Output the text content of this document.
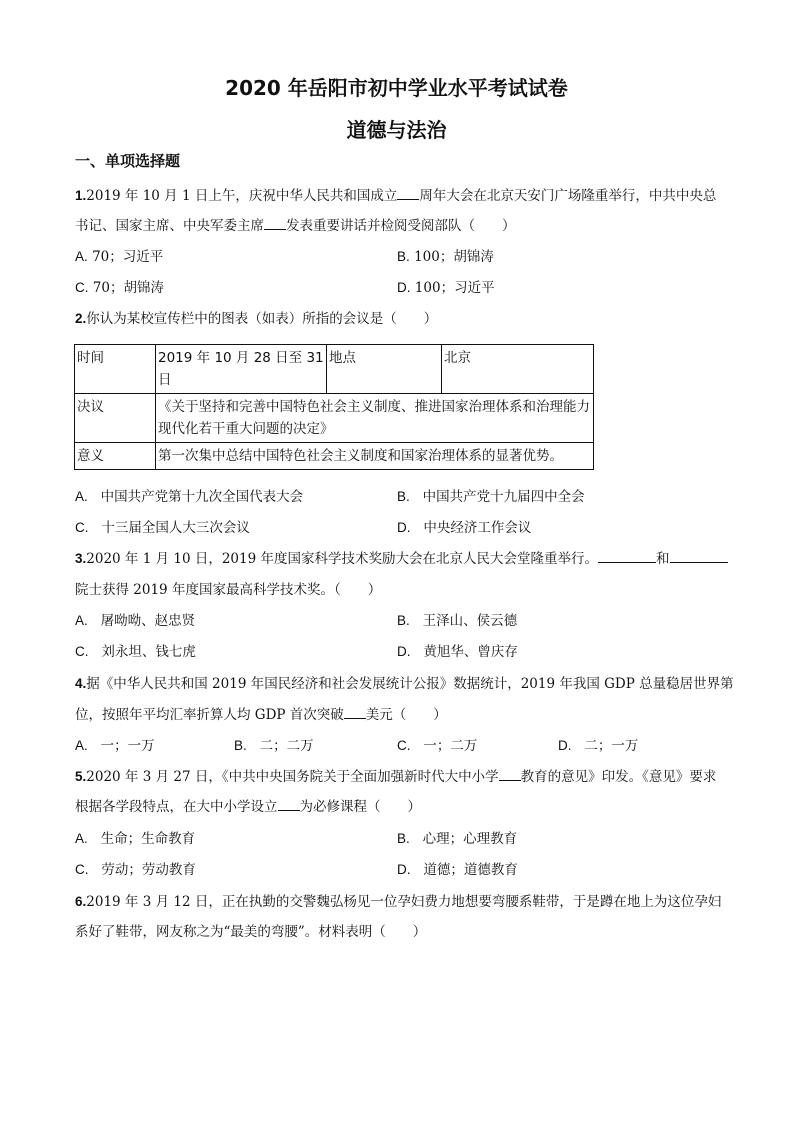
2020 年岳阳市初中学业水平考试试卷
道德与法治
一、单项选择题
1.2019 年 10 月 1 日上午，庆祝中华人民共和国成立 周年大会在北京天安门广场隆重举行，中共中央总
书记、国家主席、中央军委主席 发表重要讲话并检阅受阅部队（　　）
A. 70；习近平	B. 100；胡锦涛
C. 70；胡锦涛	D. 100；习近平
2.你认为某校宣传栏中的图表（如表）所指的会议是（　　）
时间	2019 年 10 月 28 日至 31 日	地点	北京
决议	《关于坚持和完善中国特色社会主义制度、推进国家治理体系和治理能力现代化若干重大问题的决定》		
意义	第一次集中总结中国特色社会主义制度和国家治理体系的显著优势。		
A. 中国共产党第十九次全国代表大会	B. 中国共产党十九届四中全会
C. 十三届全国人大三次会议	D. 中央经济工作会议
3.2020 年 1 月 10 日，2019 年度国家科学技术奖励大会在北京人民大会堂隆重举行。	和
院士获得 2019 年度国家最高科学技术奖。（　　）
A. 屠呦呦、赵忠贤	B. 王泽山、侯云德
C. 刘永坦、钱七虎	D. 黄旭华、曾庆存
4.据《中华人民共和国 2019 年国民经济和社会发展统计公报》数据统计，2019 年我国 GDP 总量稳居世界第
位，按照年平均汇率折算人均 GDP 首次突破 美元（　　）
A. 一；一万	B. 二；二万	C. 一；二万	D. 二；一万
5.2020 年 3 月 27 日，《中共中央国务院关于全面加强新时代大中小学 教育的意见》印发。《意见》要求
根据各学段特点，在大中小学设立 为必修课程（　　）
A. 生命；生命教育	B. 心理；心理教育
C. 劳动；劳动教育	D. 道德；道德教育
6.2019 年 3 月 12 日，正在执勤的交警魏弘杨见一位孕妇费力地想要弯腰系鞋带，于是蹲在地上为这位孕妇
系好了鞋带，网友称之为“最美的弯腰”。材料表明（　　）
